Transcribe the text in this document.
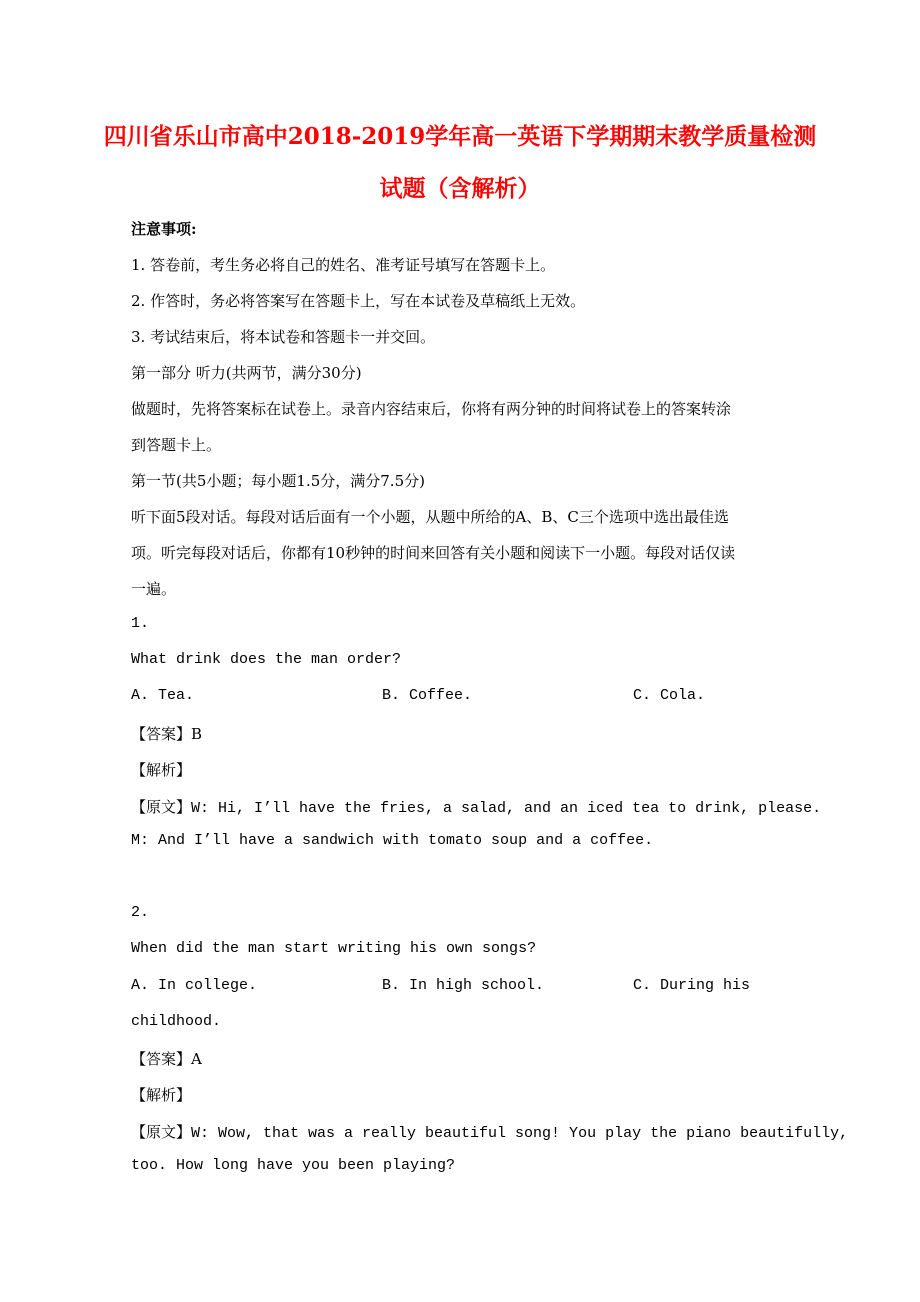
四川省乐山市高中2018-2019学年高一英语下学期期末教学质量检测
试题（含解析）
注意事项:
1. 答卷前，考生务必将自己的姓名、准考证号填写在答题卡上。
2. 作答时，务必将答案写在答题卡上，写在本试卷及草稿纸上无效。
3. 考试结束后，将本试卷和答题卡一并交回。
第一部分 听力(共两节，满分30分)
做题时，先将答案标在试卷上。录音内容结束后，你将有两分钟的时间将试卷上的答案转涂
到答题卡上。
第一节(共5小题；每小题1.5分，满分7.5分)
听下面5段对话。每段对话后面有一个小题，从题中所给的A、B、C三个选项中选出最佳选
项。听完每段对话后，你都有10秒钟的时间来回答有关小题和阅读下一小题。每段对话仅读
一遍。
1.
What drink does the man order?
A. Tea.	B. Coffee.	C. Cola.
【答案】B
【解析】
【原文】W: Hi, I’ll have the fries, a salad, and an iced tea to drink, please.
M: And I’ll have a sandwich with tomato soup and a coffee.
2.
When did the man start writing his own songs?
A. In college.	B. In high school.	C. During his
childhood.
【答案】A
【解析】
【原文】W: Wow, that was a really beautiful song! You play the piano beautifully,
too. How long have you been playing?
